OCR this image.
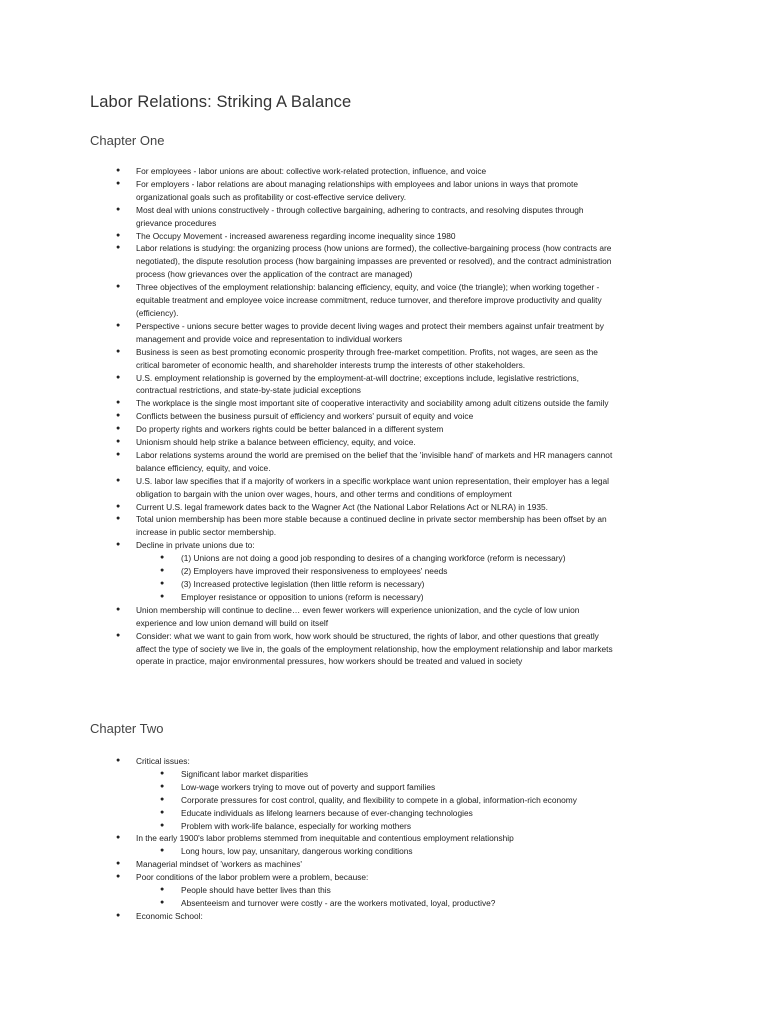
Labor Relations: Striking A Balance
Chapter One
● For employees - labor unions are about: collective work-related protection, influence, and voice
● For employers - labor relations are about managing relationships with employees and labor unions in ways that promote
organizational goals such as profitability or cost-effective service delivery.
● Most deal with unions constructively - through collective bargaining, adhering to contracts, and resolving disputes through
grievance procedures
● The Occupy Movement - increased awareness regarding income inequality since 1980
● Labor relations is studying: the organizing process (how unions are formed), the collective-bargaining process (how contracts are
negotiated), the dispute resolution process (how bargaining impasses are prevented or resolved), and the contract administration
process (how grievances over the application of the contract are managed)
● Three objectives of the employment relationship: balancing efficiency, equity, and voice (the triangle); when working together -
equitable treatment and employee voice increase commitment, reduce turnover, and therefore improve productivity and quality
(efficiency).
● Perspective - unions secure better wages to provide decent living wages and protect their members against unfair treatment by
management and provide voice and representation to individual workers
● Business is seen as best promoting economic prosperity through free-market competition. Profits, not wages, are seen as the
critical barometer of economic health, and shareholder interests trump the interests of other stakeholders.
● U.S. employment relationship is governed by the employment-at-will doctrine; exceptions include, legislative restrictions,
contractual restrictions, and state-by-state judicial exceptions
● The workplace is the single most important site of cooperative interactivity and sociability among adult citizens outside the family
● Conflicts between the business pursuit of efficiency and workers' pursuit of equity and voice
● Do property rights and workers rights could be better balanced in a different system
● Unionism should help strike a balance between efficiency, equity, and voice.
● Labor relations systems around the world are premised on the belief that the 'invisible hand' of markets and HR managers cannot
balance efficiency, equity, and voice.
● U.S. labor law specifies that if a majority of workers in a specific workplace want union representation, their employer has a legal
obligation to bargain with the union over wages, hours, and other terms and conditions of employment
● Current U.S. legal framework dates back to the Wagner Act (the National Labor Relations Act or NLRA) in 1935.
● Total union membership has been more stable because a continued decline in private sector membership has been offset by an
increase in public sector membership.
● Decline in private unions due to:
● (1) Unions are not doing a good job responding to desires of a changing workforce (reform is necessary)
● (2) Employers have improved their responsiveness to employees' needs
● (3) Increased protective legislation (then little reform is necessary)
● Employer resistance or opposition to unions (reform is necessary)
● Union membership will continue to decline… even fewer workers will experience unionization, and the cycle of low union
experience and low union demand will build on itself
● Consider: what we want to gain from work, how work should be structured, the rights of labor, and other questions that greatly
affect the type of society we live in, the goals of the employment relationship, how the employment relationship and labor markets
operate in practice, major environmental pressures, how workers should be treated and valued in society
Chapter Two
● Critical issues:
● Significant labor market disparities
● Low-wage workers trying to move out of poverty and support families
● Corporate pressures for cost control, quality, and flexibility to compete in a global, information-rich economy
● Educate individuals as lifelong learners because of ever-changing technologies
● Problem with work-life balance, especially for working mothers
● In the early 1900's labor problems stemmed from inequitable and contentious employment relationship
● Long hours, low pay, unsanitary, dangerous working conditions
● Managerial mindset of 'workers as machines'
● Poor conditions of the labor problem were a problem, because:
● People should have better lives than this
● Absenteeism and turnover were costly - are the workers motivated, loyal, productive?
● Economic School:
